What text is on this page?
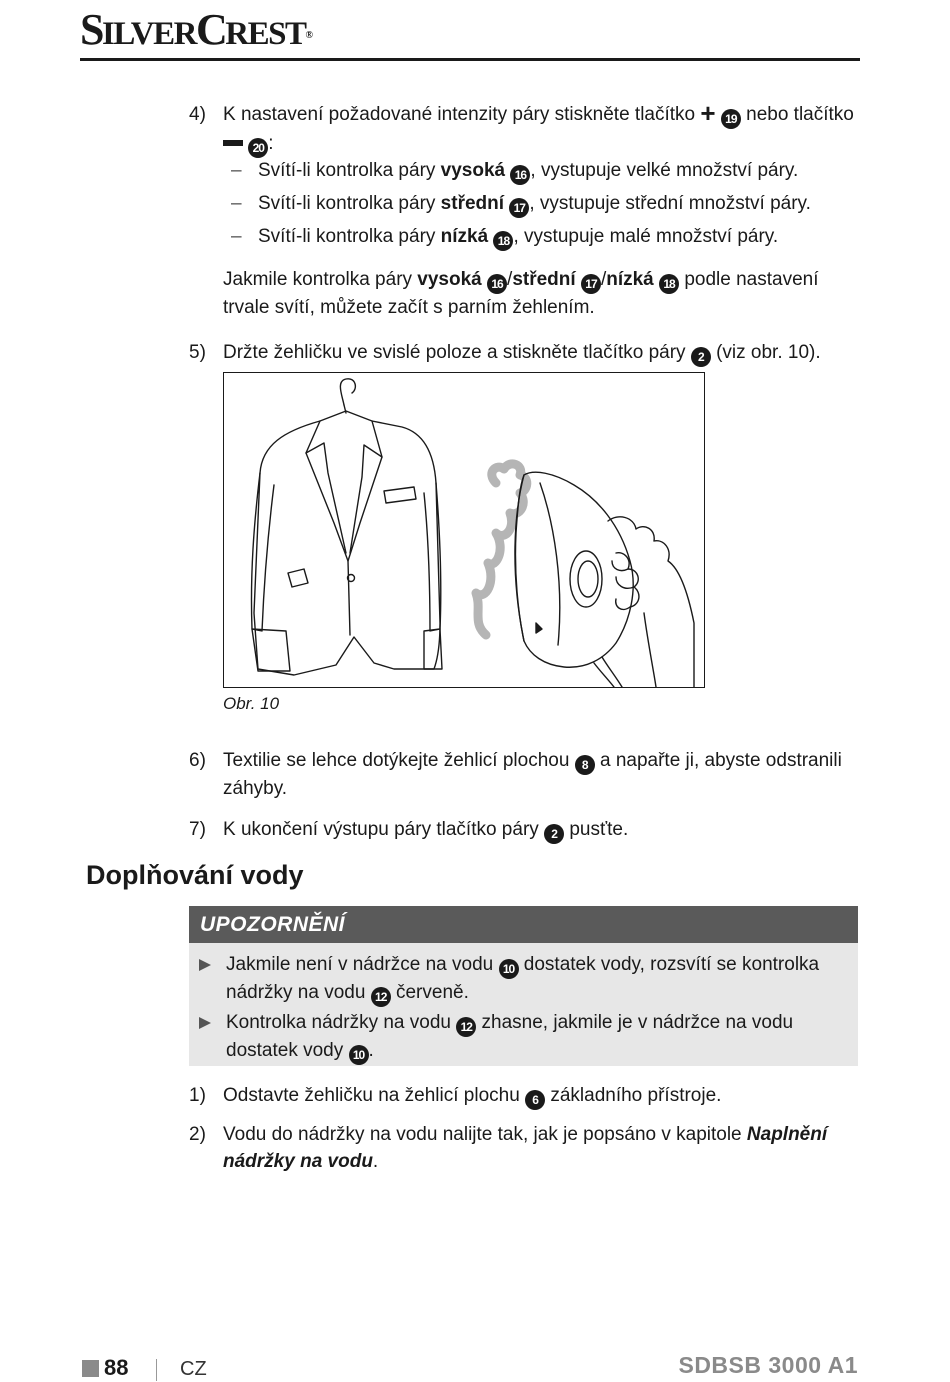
SILVERCREST®
4) K nastavení požadované intenzity páry stiskněte tlačítko + 19 nebo tlačítko
20 :
– Svítí-li kontrolka páry vysoká 16 , vystupuje velké množství páry.
– Svítí-li kontrolka páry střední 17 , vystupuje střední množství páry.
– Svítí-li kontrolka páry nízká 18 , vystupuje malé množství páry.
Jakmile kontrolka páry vysoká 16 /střední 17 /nízká 18 podle nastavení trvale svítí, můžete začít s parním žehlením.
5) Držte žehličku ve svislé poloze a stiskněte tlačítko páry 2 (viz obr. 10).
Obr. 10
6) Textilie se lehce dotýkejte žehlicí plochou 8 a napařte ji, abyste odstranili záhyby.
7) K ukončení výstupu páry tlačítko páry 2 pusťte.
Doplňování vody
UPOZORNĚNÍ
Jakmile není v nádržce na vodu 10 dostatek vody, rozsvítí se kontrolka nádržky na vodu 12 červeně.
Kontrolka nádržky na vodu 12 zhasne, jakmile je v nádržce na vodu dostatek vody 10 .
1) Odstavte žehličku na žehlicí plochu 6 základního přístroje.
2) Vodu do nádržky na vodu nalijte tak, jak je popsáno v kapitole Naplnění nádržky na vodu.
88	CZ	SDBSB 3000 A1
